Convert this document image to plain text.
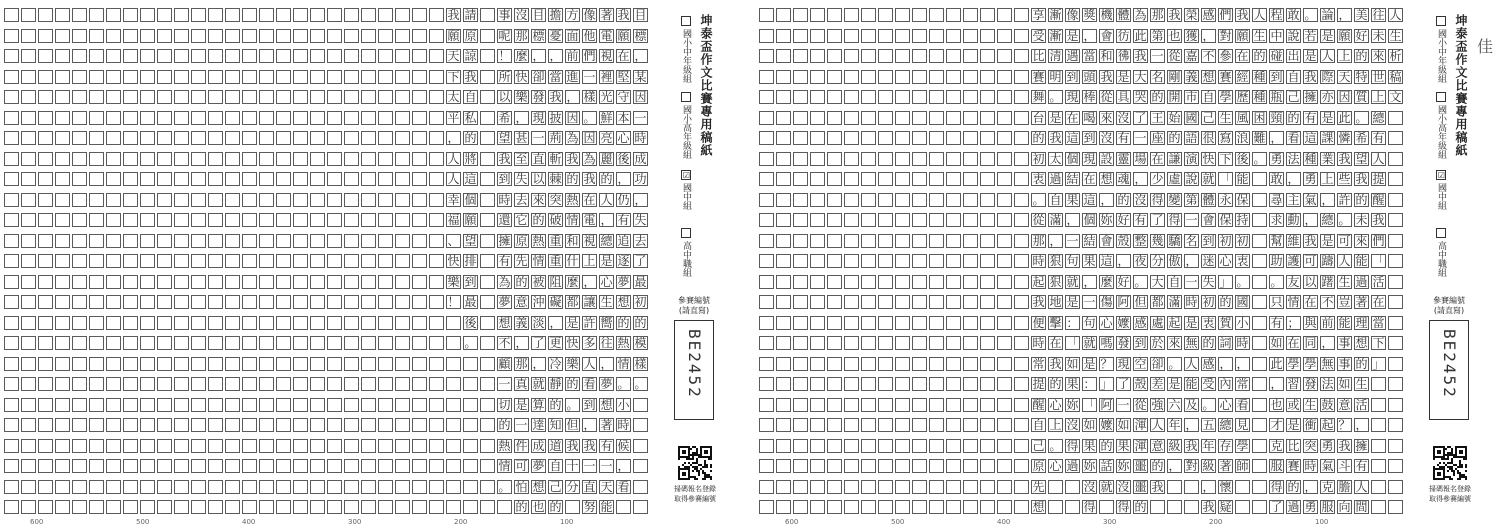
目
標
，
某
因
一
時
成
功
，
失
去
了
最
初
的
模
樣
。
我
願
在
堅
守
本
心
後
，
仍
有
追
逐
夢
想
的
熱
情
。
小
時
候
，
看
著
電
視
裡
光
鮮
亮
麗
的
人
，
總
是
心
生
嚮
往
，
夢
想
著
有
一
天
能
像
他
們
一
樣
。
因
為
我
在
電
視
上
，
讓
許
多
人
看
到
，
我
一
直
努
方
面
前
進
，
因
為
我
的
熱
情
和
什
麼
都
是
快
樂
的
。
但
我
十
分
擔
憂
，
當
我
披
荊
斬
棘
突
破
重
重
阻
礙
，
更
冷
靜
的
知
道
自
己
的
目
標
，
卻
發
現
一
直
以
來
的
熱
情
被
沖
淡
了
，
就
算
達
成
夢
想
也
沒
那
麼
快
樂
，
甚
至
失
去
它
原
先
的
意
義
，
那
真
是
一
件
可
怕
的
事
呢
！
所
以
希
望
我
到
時
還
擁
有
為
夢
想
不
顧
一
切
的
熱
情
。
請
原
諒
我
自
私
的
將
這
個
願
望
排
到
最
後
。
我
願
天
下
太
平
，
人
人
幸
福
、
快
樂
！
600	500	400	300	200	100
坤泰盃作文比賽專用稿紙
國小中年級組
國小高年級組
☑國中組
高中職組
參賽編號
(請直寫)
BE2452
掃碼報名登錄
取得參賽編號
人
生
析
稿
文
往
未
來
世
上
總
有
人
提
醒
我
們
「
活
在
當
下
」
美
好
的
特
質
。
希
望
我
的
未
來
能
過
著
理
想
的
生
活
，
擁
有
人
間
，
願
上
天
因
此
憐
我
些
許
。
可
人
生
豈
能
事
事
如
意
？
我
斗
膽
向
論
是
人
際
亦
是
課
業
上
，
總
是
躊
躇
不
前
，
無
法
鼓
起
勇
氣
克
服
。
若
是
我
擁
有
這
種
勇
氣
，
我
可
以
在
與
同
學
發
生
衝
突
時
，
勇
敢
說
出
自
己
的
看
法
，
主
動
維
護
友
情
；
在
學
習
或
是
比
賽
的
過
程
中
碰
到
瓶
頸
，
勇
敢
尋
求
幫
助
。
只
有
如
此
，
也
才
克
服
得
了
人
生
的
種
種
困
難
。
我
願
在
經
歷
風
浪
後
能
保
持
初
衷
。
國
小
時
，
常
看
見
學
師
們
對
參
賽
學
生
寫
下
「
永
保
初
心
」
的
賀
詞
，
內
心
總
存
著
懷
疑
感
，
不
想
自
己
很
快
就
體
會
到
迷
失
初
衷
的
感
受
。
五
年
級
，
我
榮
獲
嘉
義
市
國
語
演
說
第
一
名
，
一
時
是
無
人
能
及
，
我
對
我
也
從
剛
開
始
的
謙
虛
變
得
驕
傲
自
滿
起
來
。
是
六
年
級
，
那
第
一
名
的
王
座
在
少
得
了
幾
分
大
都
處
於
卻
差
強
人
意
的
我
為
此
我
大
哭
了
一
場
，
沒
有
整
夜
。
但
感
到
空
殼
從
渾
渾
噩
噩
的
體
彷
彿
是
具
沒
有
靈
魂
的
好
殼
，
好
阿
嬤
發
現
了
一
如
果
妳
沒
得
機
會
和
我
從
來
沒
設
想
，
妳
會
這
麼
傷
心
嗎
？
」
阿
嬤
的
話
就
獎
，
當
頭
棒
喝
到
現
在
這
個
結
果
，
一
句
就
是
：
「
如
果
妳
沒
得
像
是
遇
到
現
在
這
個
結
果
，
一
句
就
是
：
「
如
果
妳
沒
得
過
漸
漸
清
明
。
是
我
太
過
自
滿
，
狠
狠
地
擊
在
我
的
心
上
。
心
享
受
比
賽
舞
台
的
初
衷
。
從
那
時
起
我
便
時
常
提
醒
自
己
原
先
想
600	500	400	300	200	100
坤泰盃作文比賽專用稿紙 佳
國小中年級組
國小高年級組
☑國中組
高中職組
參賽編號
(請直寫)
BE2452
掃碼報名登錄
取得參賽編號
